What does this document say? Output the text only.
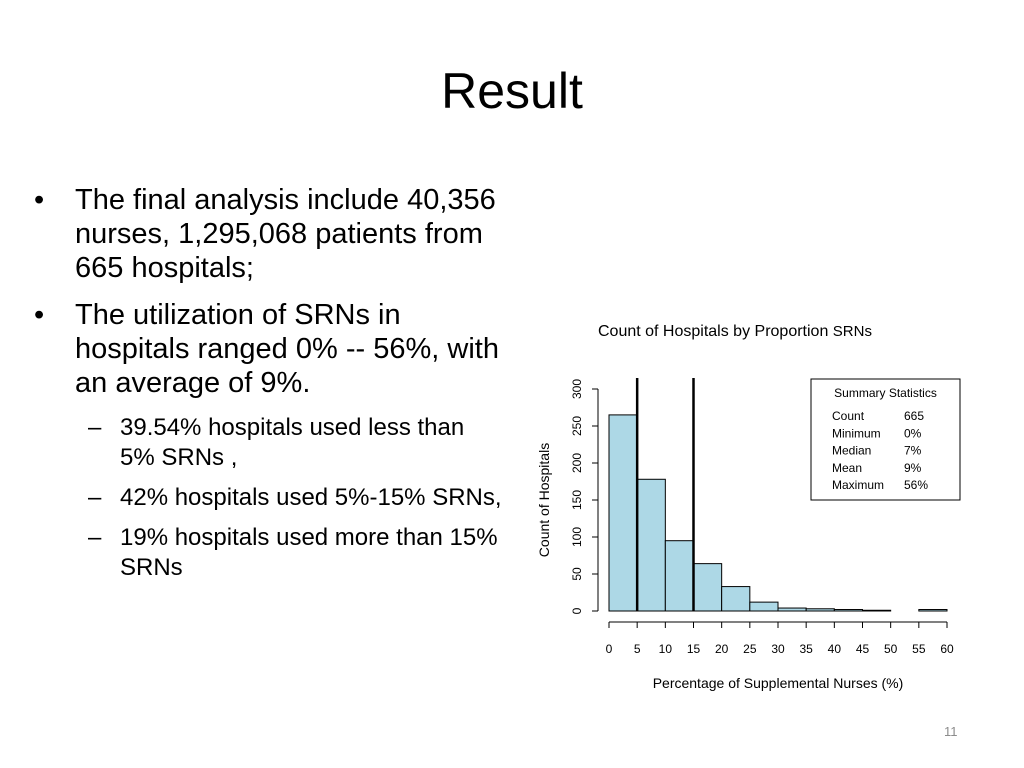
Result
•	The final analysis include 40,356 nurses, 1,295,068 patients from 665 hospitals;
•	The utilization of SRNs in hospitals ranged 0% -- 56%, with an average of 9%.
– 39.54% hospitals used less than 5% SRNs ,
– 42% hospitals used 5%-15% SRNs,
– 19% hospitals used more than 15% SRNs
Count of Hospitals by Proportion SRNs
0
50
100
150
200
250
300
0 5 10 15 20 25 30 35 40 45 50 55 60
Percentage of Supplemental Nurses (%)
Count of Hospitals
Summary Statistics
Count	665
Minimum 0%
Median	7%
Mean	9%
Maximum 56%
11
